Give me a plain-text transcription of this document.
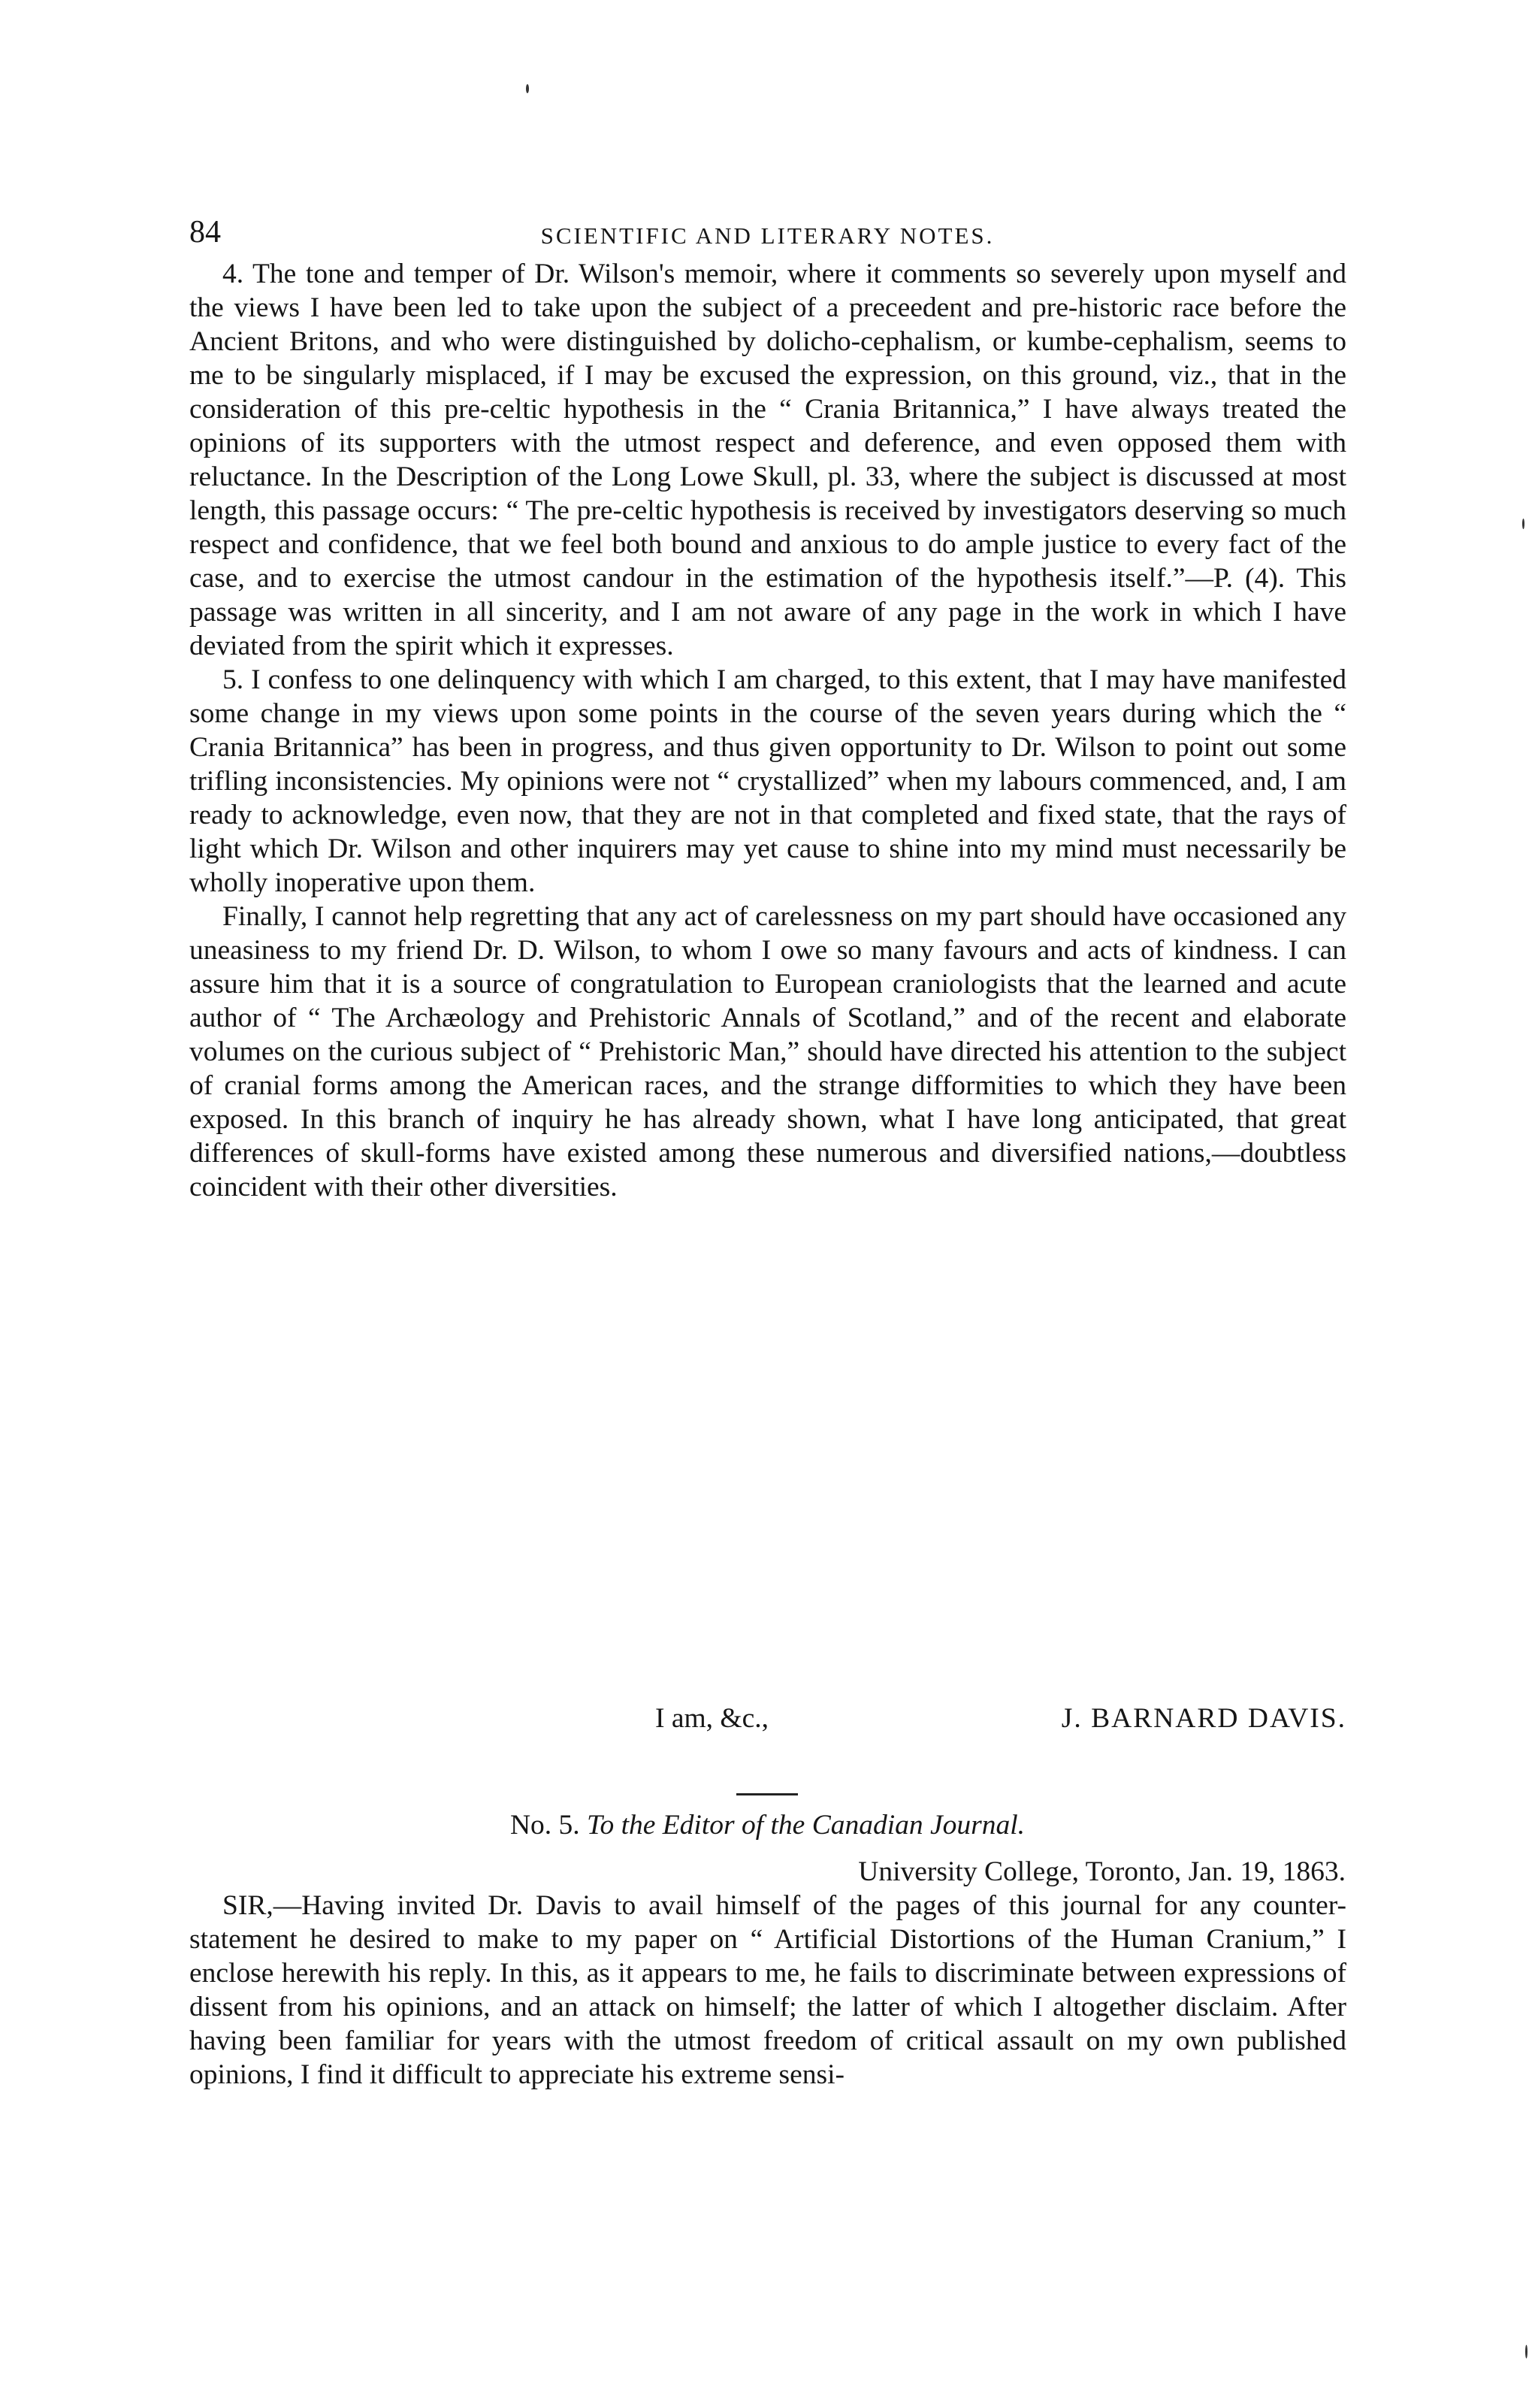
84	SCIENTIFIC AND LITERARY NOTES.

4. The tone and temper of Dr. Wilson's memoir, where it comments so severely upon myself and the views I have been led to take upon the subject of a preceedent and pre-historic race before the Ancient Britons, and who were distinguished by dolicho-cephalism, or kumbe-cephalism, seems to me to be singularly misplaced, if I may be excused the expression, on this ground, viz., that in the consideration of this pre-celtic hypothesis in the “ Crania Britannica,” I have always treated the opinions of its supporters with the utmost respect and deference, and even opposed them with reluctance. In the Description of the Long Lowe Skull, pl. 33, where the subject is discussed at most length, this passage occurs: “ The pre-celtic hypothesis is received by investigators deserving so much respect and confidence, that we feel both bound and anxious to do ample justice to every fact of the case, and to exercise the utmost candour in the estimation of the hypothesis itself.”—P. (4). This passage was written in all sincerity, and I am not aware of any page in the work in which I have deviated from the spirit which it expresses.

5. I confess to one delinquency with which I am charged, to this extent, that I may have manifested some change in my views upon some points in the course of the seven years during which the “ Crania Britannica” has been in progress, and thus given opportunity to Dr. Wilson to point out some trifling inconsistencies. My opinions were not “ crystallized” when my labours commenced, and, I am ready to acknowledge, even now, that they are not in that completed and fixed state, that the rays of light which Dr. Wilson and other inquirers may yet cause to shine into my mind must necessarily be wholly inoperative upon them.

Finally, I cannot help regretting that any act of carelessness on my part should have occasioned any uneasiness to my friend Dr. D. Wilson, to whom I owe so many favours and acts of kindness. I can assure him that it is a source of congratulation to European craniologists that the learned and acute author of “ The Archæology and Prehistoric Annals of Scotland,” and of the recent and elaborate volumes on the curious subject of “ Prehistoric Man,” should have directed his attention to the subject of cranial forms among the American races, and the strange difformities to which they have been exposed. In this branch of inquiry he has already shown, what I have long anticipated, that great differences of skull-forms have existed among these numerous and diversified nations,—doubtless coincident with their other diversities.

I am, &c.,	J. BARNARD DAVIS.
No. 5. To the Editor of the Canadian Journal.
University College, Toronto, Jan. 19, 1863.

SIR,—Having invited Dr. Davis to avail himself of the pages of this journal for any counter-statement he desired to make to my paper on “ Artificial Distortions of the Human Cranium,” I enclose herewith his reply. In this, as it appears to me, he fails to discriminate between expressions of dissent from his opinions, and an attack on himself; the latter of which I altogether disclaim. After having been familiar for years with the utmost freedom of critical assault on my own published opinions, I find it difficult to appreciate his extreme sensi-
